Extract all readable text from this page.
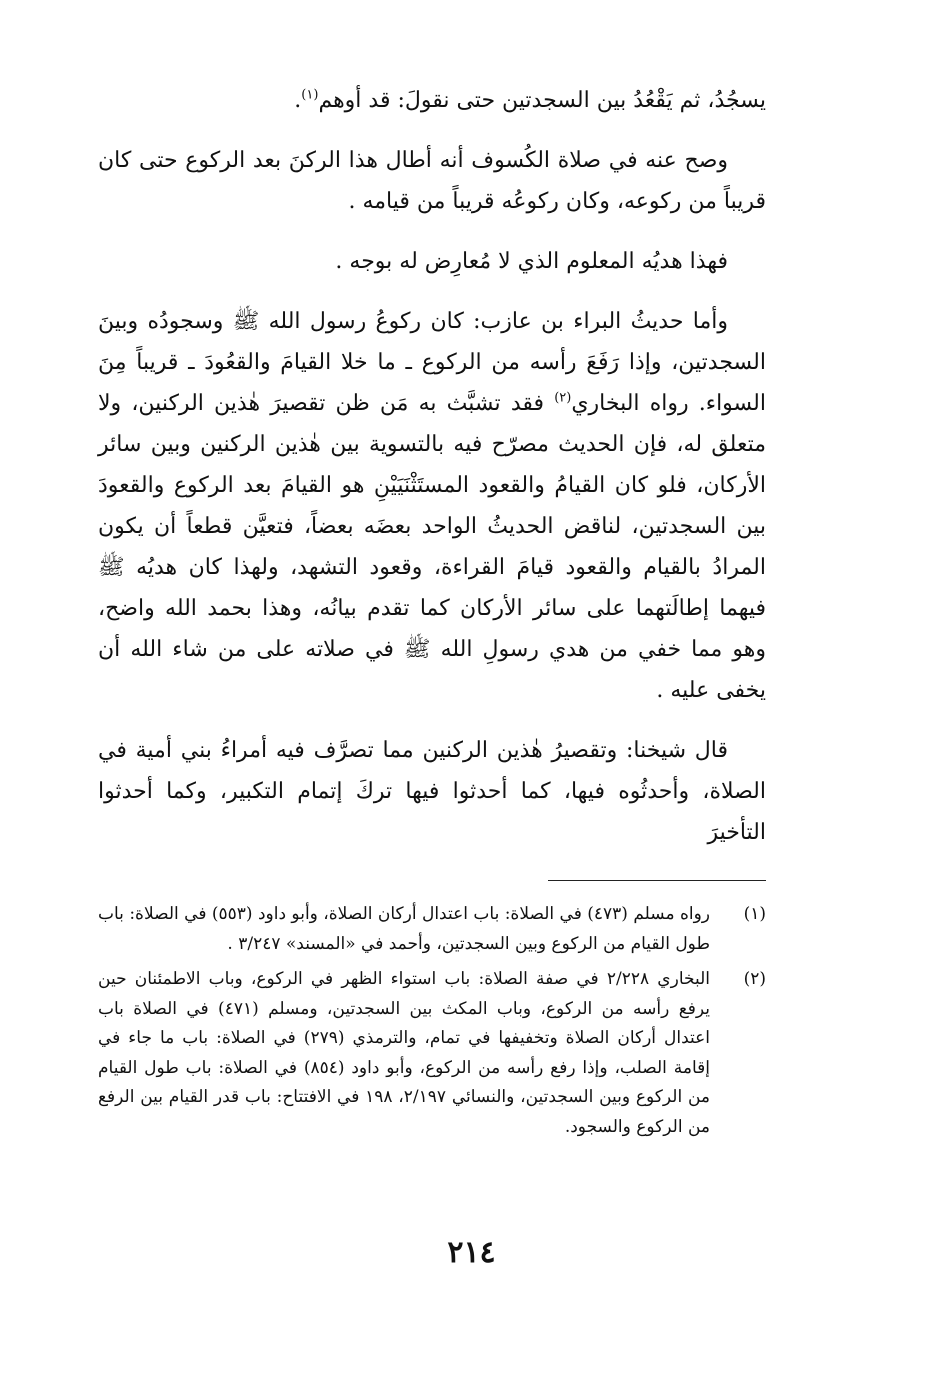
يسجُدُ، ثم يَقْعُدُ بين السجدتين حتى نقولَ: قد أوهم$^{(١)}$.

وصح عنه في صلاة الكُسوف أنه أطال هذا الركنَ بعد الركوع حتى كان قريباً من ركوعه، وكان ركوعُه قريباً من قيامه .

فهذا هديُه المعلوم الذي لا مُعارِض له بوجه .

وأما حديثُ البراء بن عازب: كان ركوعُ رسول الله ﷺ وسجودُه وبينَ السجدتين، وإذا رَفَعَ رأسه من الركوع ـ ما خلا القيامَ والقعُودَ ـ قريباً مِنَ السواء. رواه البخاري$^{(٢)}$ فقد تشبَّث به مَن ظن تقصيرَ هٰذين الركنين، ولا متعلق له، فإن الحديث مصرّح فيه بالتسوية بين هٰذين الركنين وبين سائر الأركان، فلو كان القيامُ والقعود المستَثْنَيَيْنِ هو القيامَ بعد الركوع والقعودَ بين السجدتين، لناقض الحديثُ الواحد بعضَه بعضاً، فتعيَّن قطعاً أن يكون المرادُ بالقيام والقعود قيامَ القراءة، وقعود التشهد، ولهذا كان هديُه ﷺ فيهما إطالَتهما على سائر الأركان كما تقدم بيانُه، وهذا بحمد الله واضح، وهو مما خفي من هدي رسولِ الله ﷺ في صلاته على من شاء الله أن يخفى عليه .

قال شيخنا: وتقصيرُ هٰذين الركنين مما تصرَّف فيه أمراءُ بني أمية في الصلاة، وأحدثُوه فيها، كما أحدثوا فيها تركَ إتمام التكبير، وكما أحدثوا التأخيرَ

(١)
رواه مسلم (٤٧٣) في الصلاة: باب اعتدال أركان الصلاة، وأبو داود (٥٥٣) في الصلاة: باب طول القيام من الركوع وبين السجدتين، وأحمد في «المسند» ٣/٢٤٧ .
(٢)
البخاري ٢/٢٢٨ في صفة الصلاة: باب استواء الظهر في الركوع، وباب الاطمئنان حين يرفع رأسه من الركوع، وباب المكث بين السجدتين، ومسلم (٤٧١) في الصلاة باب اعتدال أركان الصلاة وتخفيفها في تمام، والترمذي (٢٧٩) في الصلاة: باب ما جاء في إقامة الصلب، وإذا رفع رأسه من الركوع، وأبو داود (٨٥٤) في الصلاة: باب طول القيام من الركوع وبين السجدتين، والنسائي ٢/١٩٧، ١٩٨ في الافتتاح: باب قدر القيام بين الرفع من الركوع والسجود.
٢١٤
